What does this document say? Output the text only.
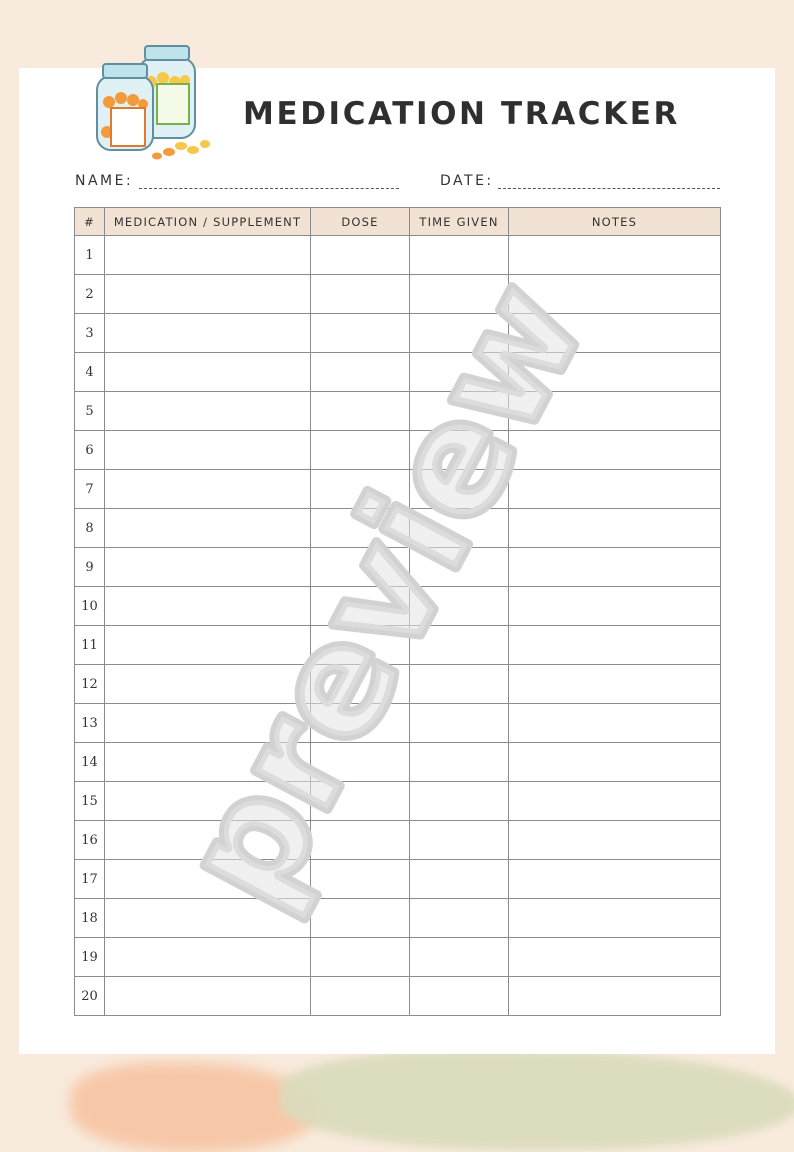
MEDICATION TRACKER
NAME:	DATE:
#	MEDICATION / SUPPLEMENT	DOSE	TIME GIVEN	NOTES
1				
2				
3				
4				
5				
6				
7				
8				
9				
10				
11				
12				
13				
14				
15				
16				
17				
18				
19				
20				
preview
